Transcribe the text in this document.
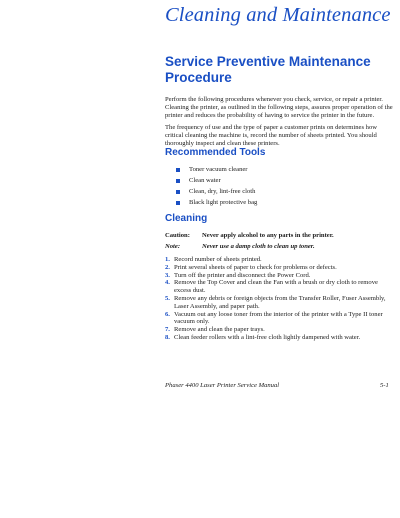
Cleaning and Maintenance
Service Preventive Maintenance Procedure

Perform the following procedures whenever you check, service, or repair a printer. Cleaning the printer, as outlined in the following steps, assures proper operation of the printer and reduces the probability of having to service the printer in the future.

The frequency of use and the type of paper a customer prints on determines how critical cleaning the machine is, record the number of sheets printed. You should thoroughly inspect and clean these printers.

Recommended Tools
Toner vacuum cleaner
Clean water
Clean, dry, lint-free cloth
Black light protective bag
Cleaning
Caution: Never apply alcohol to any parts in the printer.
Note:	Never use a damp cloth to clean up toner.
1. Record number of sheets printed.
2. Print several sheets of paper to check for problems or defects.
3. Turn off the printer and disconnect the Power Cord.
4. Remove the Top Cover and clean the Fan with a brush or dry cloth to remove excess dust.
5. Remove any debris or foreign objects from the Transfer Roller, Fuser Assembly, Laser Assembly, and paper path.
6. Vacuum out any loose toner from the interior of the printer with a Type II toner vacuum only.
7. Remove and clean the paper trays.
8. Clean feeder rollers with a lint-free cloth lightly dampened with water.
Phaser 4400 Laser Printer Service Manual	5-1
